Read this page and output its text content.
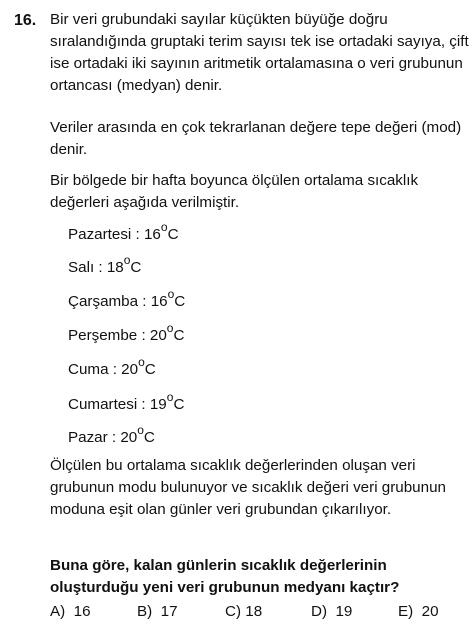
16. Bir veri grubundaki sayılar küçükten büyüğe doğru sıralandığında gruptaki terim sayısı tek ise ortadaki sayıya, çift ise ortadaki iki sayının aritmetik ortalamasına o veri grubunun ortancası (medyan) denir.

Veriler arasında en çok tekrarlanan değere tepe değeri (mod) denir.

Bir bölgede bir hafta boyunca ölçülen ortalama sıcaklık değerleri aşağıda verilmiştir.

Pazartesi : 16$^o$C
Salı : 18$^o$C
Çarşamba : 16$^o$C
Perşembe : 20$^o$C
Cuma : 20$^o$C
Cumartesi : 19$^o$C
Pazar : 20$^o$C

Ölçülen bu ortalama sıcaklık değerlerinden oluşan veri grubunun modu bulunuyor ve sıcaklık değeri veri grubunun moduna eşit olan günler veri grubundan çıkarılıyor.

Buna göre, kalan günlerin sıcaklık değerlerinin oluşturduğu yeni veri grubunun medyanı kaçtır?

A) 16	B) 17	C) 18	D) 19	E) 20
